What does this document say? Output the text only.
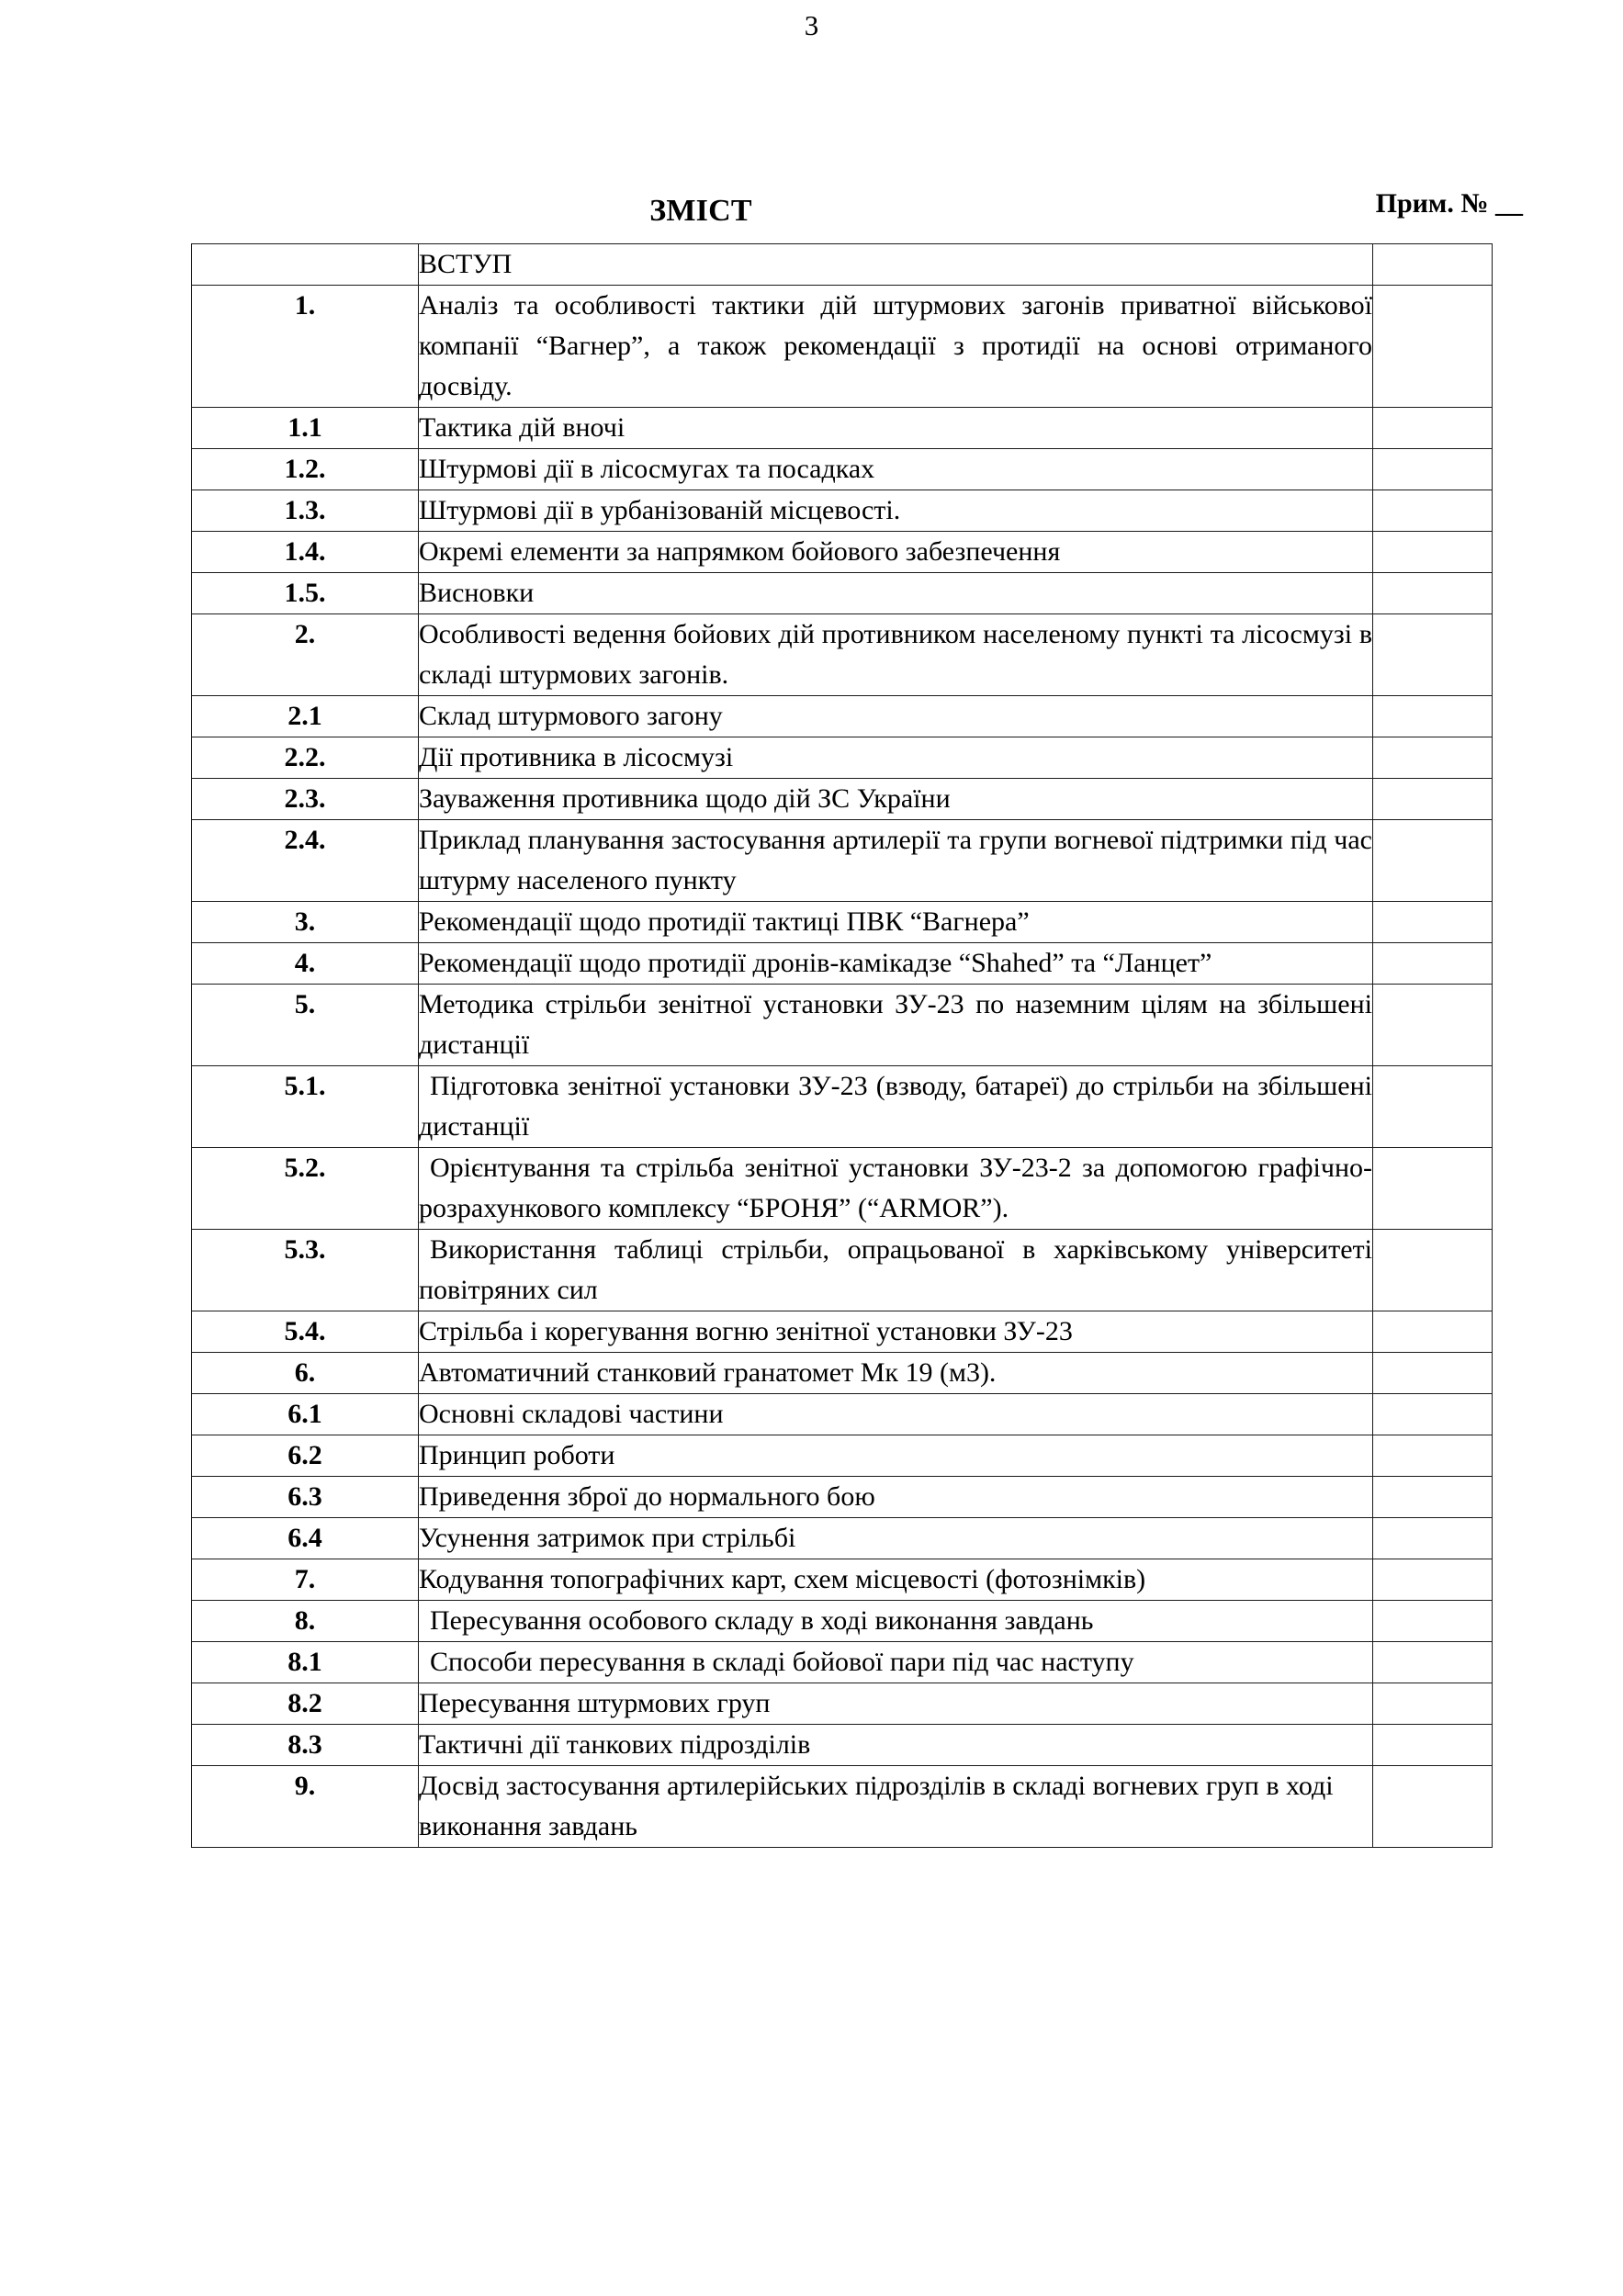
3
ЗМІСТ	Прим. № __

	ВСТУП	

1.	Аналіз та особливості тактики дій штурмових загонів приватної військової компанії “Вагнер”, а також рекомендації з протидії на основі отриманого досвіду.	

1.1	Тактика дій вночі	

1.2.	Штурмові дії в лісосмугах та посадках	

1.3.	Штурмові дії в урбанізованій місцевості.	

1.4.	Окремі елементи за напрямком бойового забезпечення	

1.5.	Висновки	

2.	Особливості ведення бойових дій противником населеному пункті та лісосмузі в складі штурмових загонів.	

2.1	Склад штурмового загону	

2.2.	Дії противника в лісосмузі	

2.3.	Зауваження противника щодо дій ЗС України	

2.4.	Приклад планування застосування артилерії та групи вогневої підтримки під час штурму населеного пункту	

3.	Рекомендації щодо протидії тактиці ПВК “Вагнера”	

4.	Рекомендації щодо протидії дронів-камікадзе “Shahed” та “Ланцет”	

5.	Методика стрільби зенітної установки ЗУ-23 по наземним цілям на збільшені дистанції	

5.1.	Підготовка зенітної установки ЗУ-23 (взводу, батареї) до стрільби на збільшені дистанції	

5.2.	Орієнтування та стрільба зенітної установки ЗУ-23-2 за допомогою графічно-розрахункового комплексу “БРОНЯ” (“ARMOR”).	

5.3.	Використання таблиці стрільби, опрацьованої в харківському університеті повітряних сил	

5.4.	Стрільба і корегування вогню зенітної установки ЗУ-23	

6.	Автоматичний станковий гранатомет Мк 19 (м3).	

6.1	Основні складові частини	

6.2	Принцип роботи	

6.3	Приведення зброї до нормального бою	

6.4	Усунення затримок при стрільбі	

7.	Кодування топографічних карт, схем місцевості (фотознімків)	

8.	Пересування особового складу в ході виконання завдань	

8.1	Способи пересування в складі бойової пари під час наступу	

8.2	Пересування штурмових груп	

8.3	Тактичні дії танкових підрозділів	

9.	Досвід застосування артилерійських підрозділів в складі вогневих груп в ході виконання завдань	
